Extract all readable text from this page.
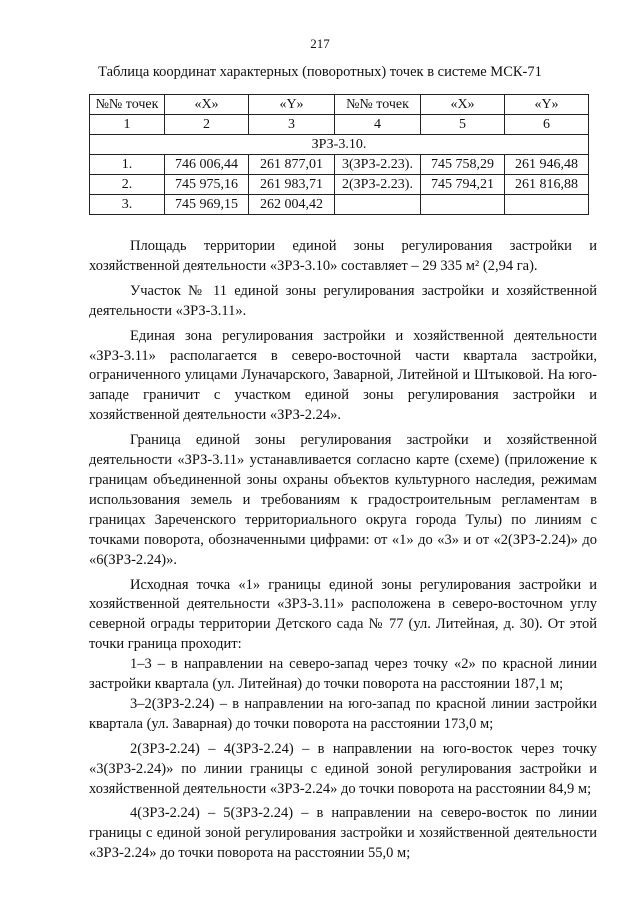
217
Таблица координат характерных (поворотных) точек в системе МСК-71
№№ точек	«X»	«Y»	№№ точек	«X»	«Y»
1	2	3	4	5	6
ЗРЗ-3.10.					
1.	746 006,44	261 877,01	3(ЗРЗ-2.23).	745 758,29	261 946,48
2.	745 975,16	261 983,71	2(ЗРЗ-2.23).	745 794,21	261 816,88
3.	745 969,15	262 004,42			

Площадь территории единой зоны регулирования застройки и хозяйственной деятельности «ЗРЗ-3.10» составляет – 29 335 м² (2,94 га).

Участок № 11 единой зоны регулирования застройки и хозяйственной деятельности «ЗРЗ-3.11».

Единая зона регулирования застройки и хозяйственной деятельности «ЗРЗ-3.11» располагается в северо-восточной части квартала застройки, ограниченного улицами Луначарского, Заварной, Литейной и Штыковой. На юго-западе граничит с участком единой зоны регулирования застройки и хозяйственной деятельности «ЗРЗ-2.24».

Граница единой зоны регулирования застройки и хозяйственной деятельности «ЗРЗ-3.11» устанавливается согласно карте (схеме) (приложение к границам объединенной зоны охраны объектов культурного наследия, режимам использования земель и требованиям к градостроительным регламентам в границах Зареченского территориального округа города Тулы) по линиям с точками поворота, обозначенными цифрами: от «1» до «3» и от «2(ЗРЗ-2.24)» до «6(ЗРЗ-2.24)».

Исходная точка «1» границы единой зоны регулирования застройки и хозяйственной деятельности «ЗРЗ-3.11» расположена в северо-восточном углу северной ограды территории Детского сада № 77 (ул. Литейная, д. 30). От этой точки граница проходит:

1–3 – в направлении на северо-запад через точку «2» по красной линии застройки квартала (ул. Литейная) до точки поворота на расстоянии 187,1 м;

3–2(ЗРЗ-2.24) – в направлении на юго-запад по красной линии застройки квартала (ул. Заварная) до точки поворота на расстоянии 173,0 м;

2(ЗРЗ-2.24) – 4(ЗРЗ-2.24) – в направлении на юго-восток через точку «3(ЗРЗ-2.24)» по линии границы с единой зоной регулирования застройки и хозяйственной деятельности «ЗРЗ-2.24» до точки поворота на расстоянии 84,9 м;

4(ЗРЗ-2.24) – 5(ЗРЗ-2.24) – в направлении на северо-восток по линии границы с единой зоной регулирования застройки и хозяйственной деятельности «ЗРЗ-2.24» до точки поворота на расстоянии 55,0 м;
